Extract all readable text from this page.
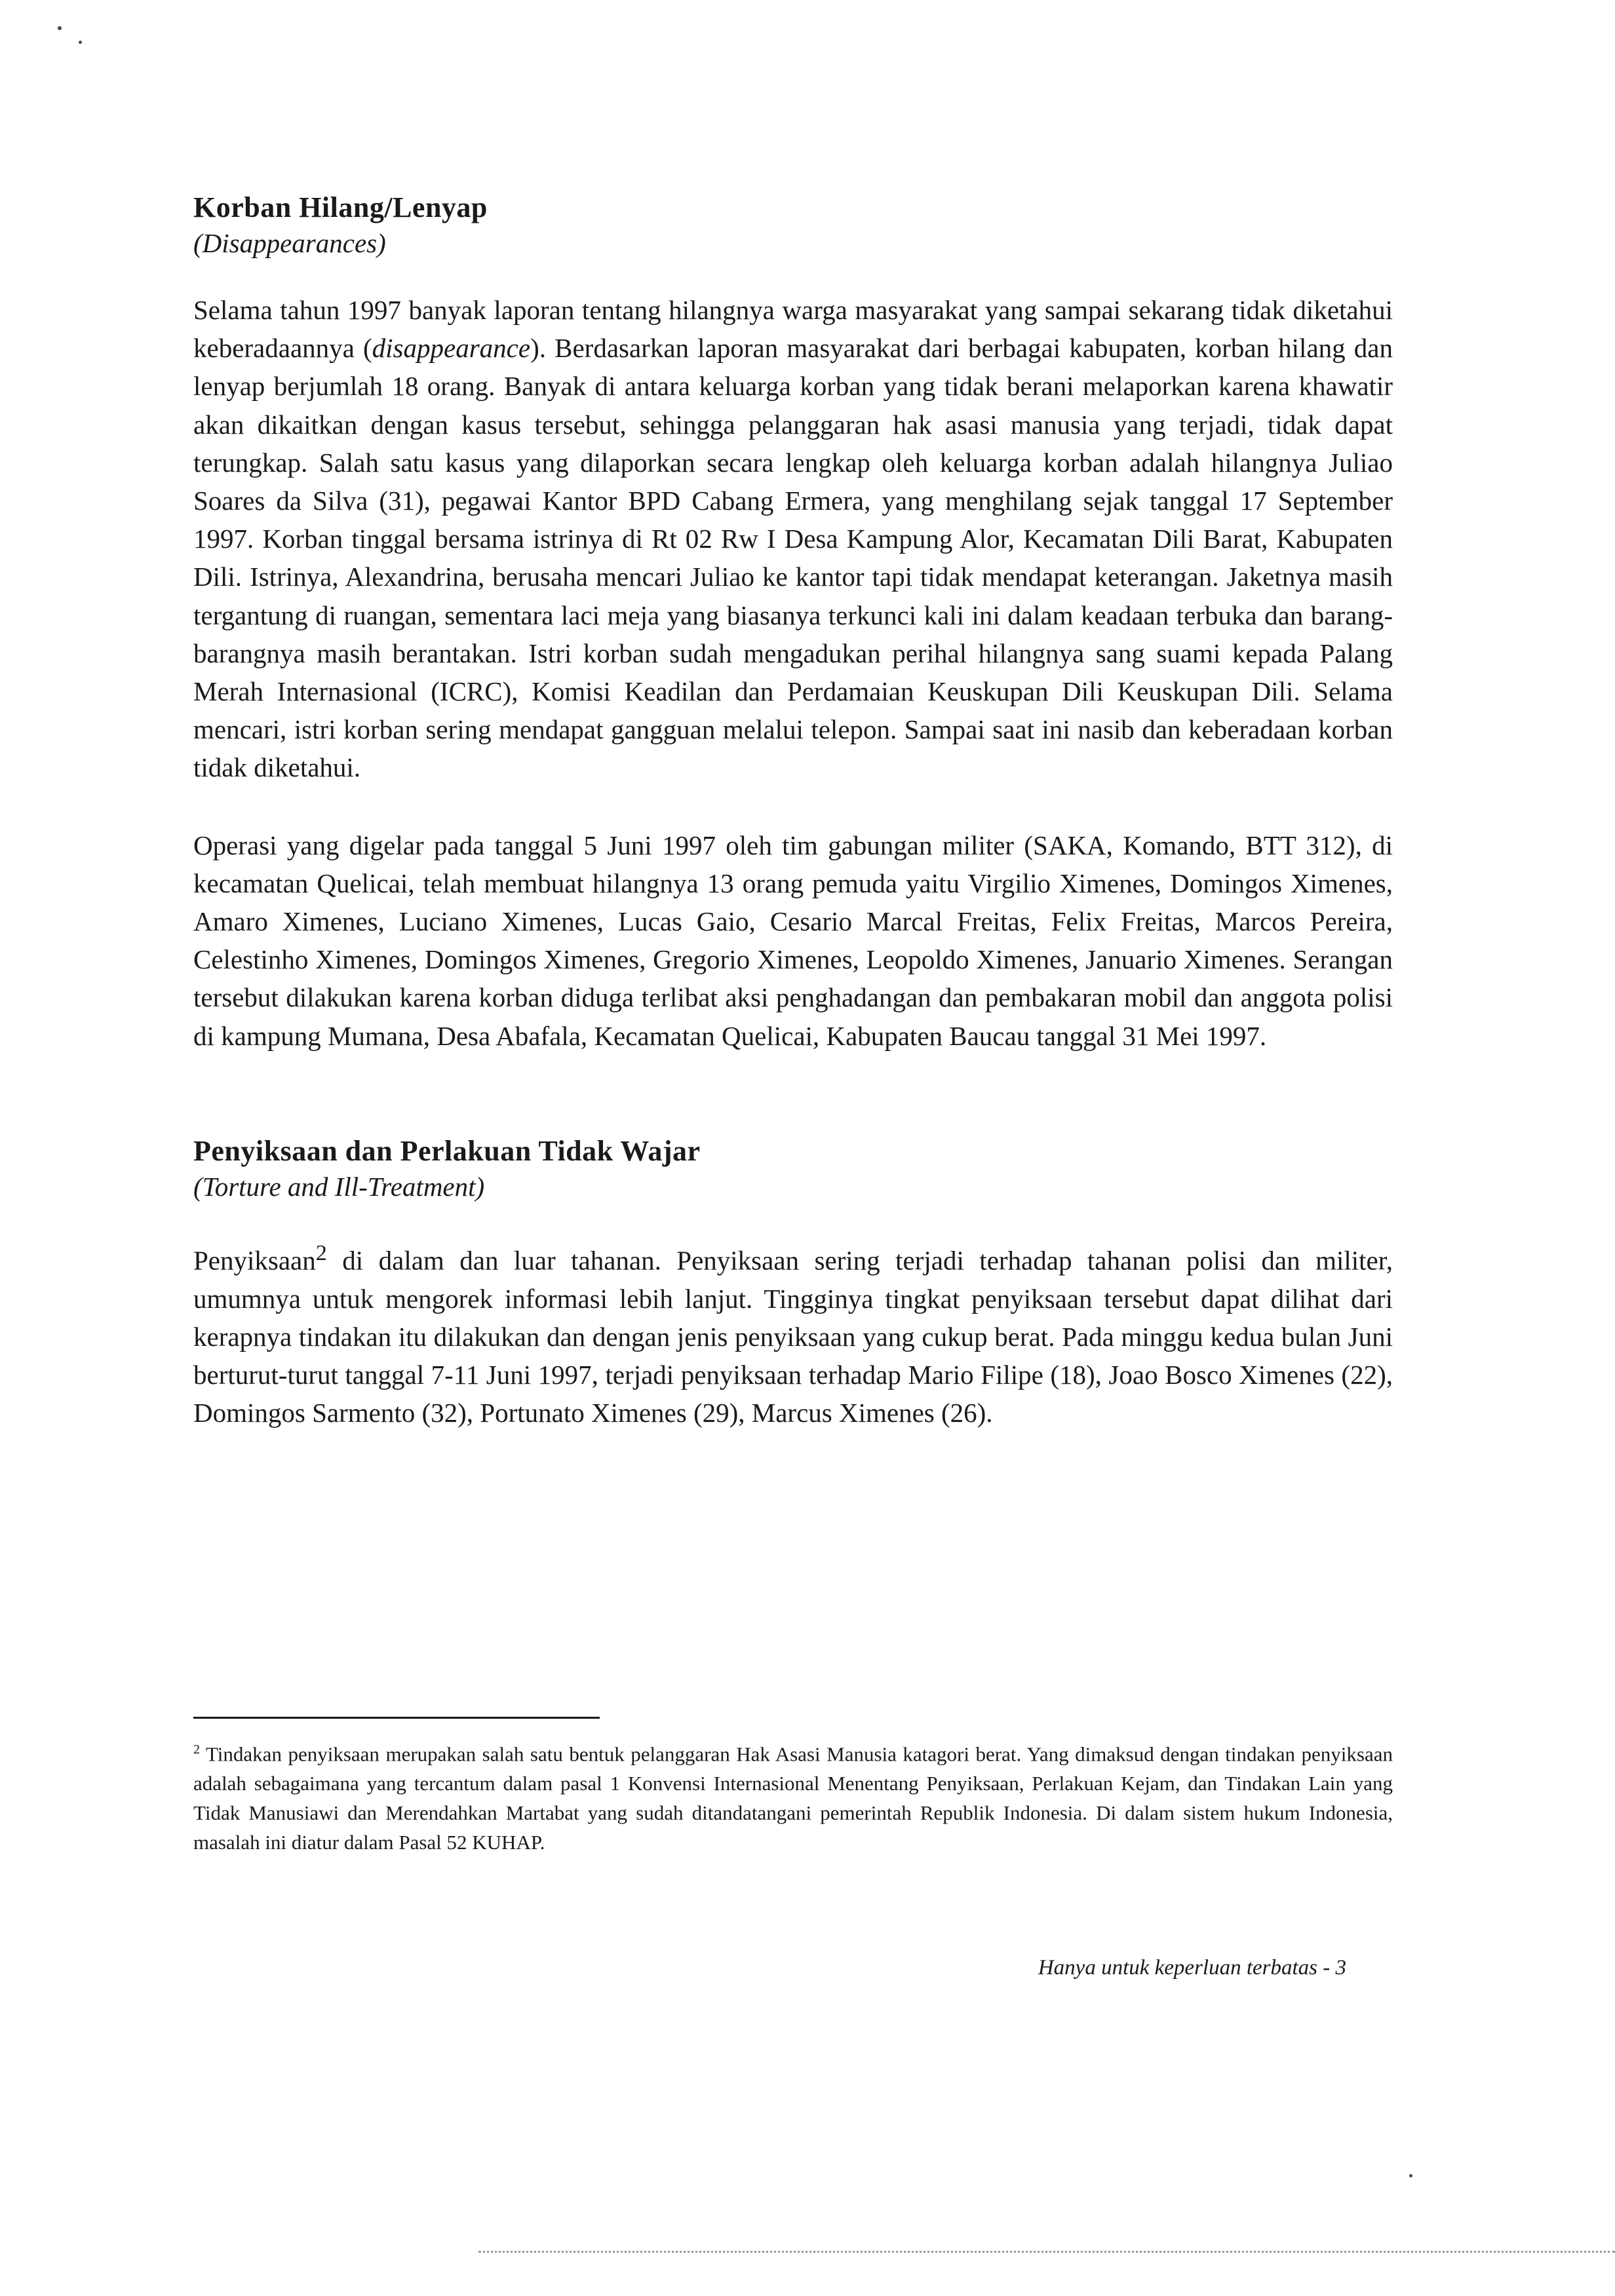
Korban Hilang/Lenyap
(Disappearances)

Selama tahun 1997 banyak laporan tentang hilangnya warga masyarakat yang sampai sekarang tidak diketahui keberadaannya (disappearance). Berdasarkan laporan masyarakat dari berbagai kabupaten, korban hilang dan lenyap berjumlah 18 orang. Banyak di antara keluarga korban yang tidak berani melaporkan karena khawatir akan dikaitkan dengan kasus tersebut, sehingga pelanggaran hak asasi manusia yang terjadi, tidak dapat terungkap. Salah satu kasus yang dilaporkan secara lengkap oleh keluarga korban adalah hilangnya Juliao Soares da Silva (31), pegawai Kantor BPD Cabang Ermera, yang menghilang sejak tanggal 17 September 1997. Korban tinggal bersama istrinya di Rt 02 Rw I Desa Kampung Alor, Kecamatan Dili Barat, Kabupaten Dili. Istrinya, Alexandrina, berusaha mencari Juliao ke kantor tapi tidak mendapat keterangan. Jaketnya masih tergantung di ruangan, sementara laci meja yang biasanya terkunci kali ini dalam keadaan terbuka dan barang-barangnya masih berantakan. Istri korban sudah mengadukan perihal hilangnya sang suami kepada Palang Merah Internasional (ICRC), Komisi Keadilan dan Perdamaian Keuskupan Dili Keuskupan Dili. Selama mencari, istri korban sering mendapat gangguan melalui telepon. Sampai saat ini nasib dan keberadaan korban tidak diketahui.

Operasi yang digelar pada tanggal 5 Juni 1997 oleh tim gabungan militer (SAKA, Komando, BTT 312), di kecamatan Quelicai, telah membuat hilangnya 13 orang pemuda yaitu Virgilio Ximenes, Domingos Ximenes, Amaro Ximenes, Luciano Ximenes, Lucas Gaio, Cesario Marcal Freitas, Felix Freitas, Marcos Pereira, Celestinho Ximenes, Domingos Ximenes, Gregorio Ximenes, Leopoldo Ximenes, Januario Ximenes. Serangan tersebut dilakukan karena korban diduga terlibat aksi penghadangan dan pembakaran mobil dan anggota polisi di kampung Mumana, Desa Abafala, Kecamatan Quelicai, Kabupaten Baucau tanggal 31 Mei 1997.

Penyiksaan dan Perlakuan Tidak Wajar
(Torture and Ill-Treatment)

Penyiksaan$^2$ di dalam dan luar tahanan. Penyiksaan sering terjadi terhadap tahanan polisi dan militer, umumnya untuk mengorek informasi lebih lanjut. Tingginya tingkat penyiksaan tersebut dapat dilihat dari kerapnya tindakan itu dilakukan dan dengan jenis penyiksaan yang cukup berat. Pada minggu kedua bulan Juni berturut-turut tanggal 7-11 Juni 1997, terjadi penyiksaan terhadap Mario Filipe (18), Joao Bosco Ximenes (22), Domingos Sarmento (32), Portunato Ximenes (29), Marcus Ximenes (26).

$^2$ Tindakan penyiksaan merupakan salah satu bentuk pelanggaran Hak Asasi Manusia katagori berat. Yang dimaksud dengan tindakan penyiksaan adalah sebagaimana yang tercantum dalam pasal 1 Konvensi Internasional Menentang Penyiksaan, Perlakuan Kejam, dan Tindakan Lain yang Tidak Manusiawi dan Merendahkan Martabat yang sudah ditandatangani pemerintah Republik Indonesia. Di dalam sistem hukum Indonesia, masalah ini diatur dalam Pasal 52 KUHAP.
Hanya untuk keperluan terbatas - 3
